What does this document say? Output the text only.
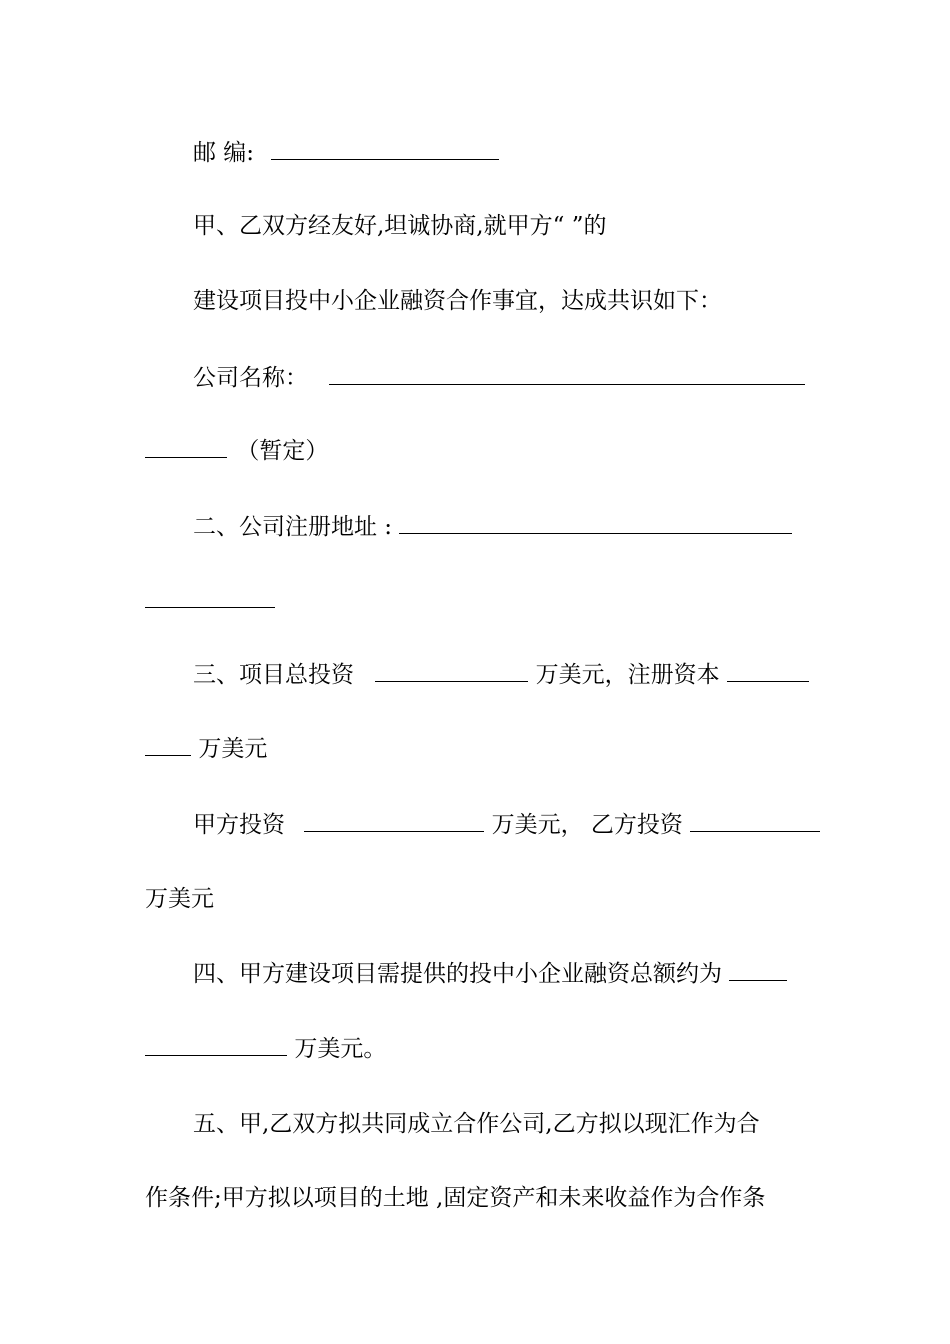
邮 编:
甲、乙双方经友好,坦诚协商,就甲方“ ”的
建设项目投中小企业融资合作事宜，达成共识如下：
公司名称：
（暂定）
二、公司注册地址 :
三、项目总投资	万美元，注册资本
万美元
甲方投资	万美元， 乙方投资
万美元
四、甲方建设项目需提供的投中小企业融资总额约为
万美元。
五、甲,乙双方拟共同成立合作公司,乙方拟以现汇作为合
作条件;甲方拟以项目的土地 ,固定资产和未来收益作为合作条
